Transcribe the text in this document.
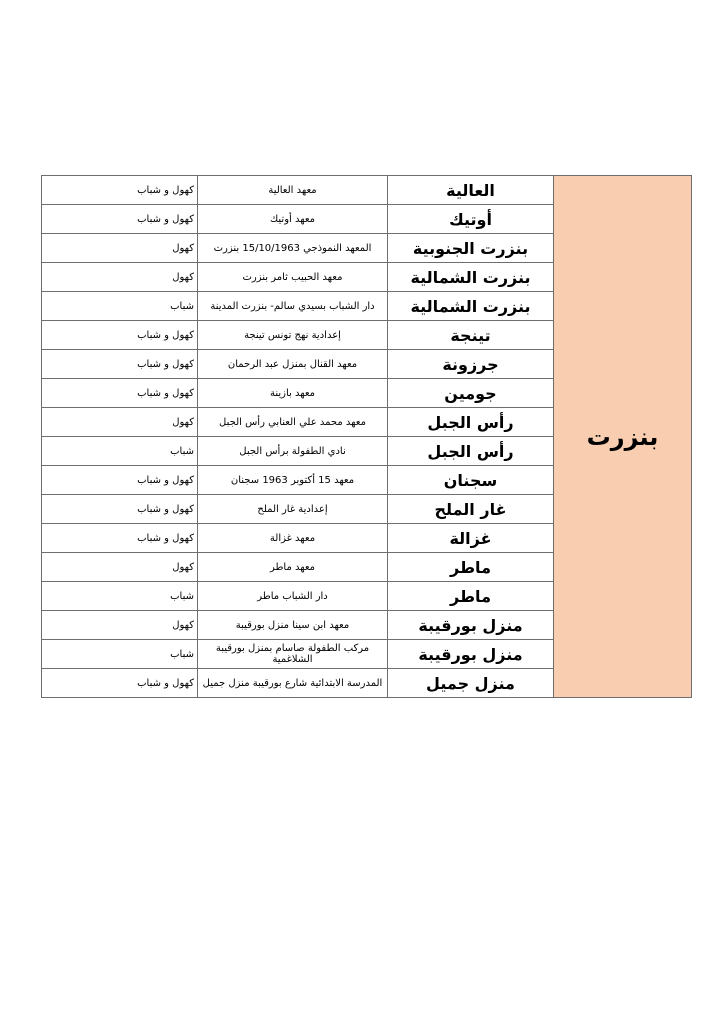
بنزرت	العالية	معهد العالية	كهول و شباب
	أوتيك	معهد أوتيك	كهول و شباب
	بنزرت الجنوبية	المعهد النموذجي 15/10/1963 بنزرت	كهول
	بنزرت الشمالية	معهد الحبيب ثامر بنزرت	كهول
	بنزرت الشمالية	دار الشباب بسيدي سالم- بنزرت المدينة	شباب
	تينجة	إعدادية نهج تونس تينجة	كهول و شباب
	جرزونة	معهد القنال بمنزل عبد الرحمان	كهول و شباب
	جومين	معهد بازينة	كهول و شباب
	رأس الجبل	معهد محمد علي العنابي رأس الجبل	كهول
	رأس الجبل	نادي الطفولة برأس الجبل	شباب
	سجنان	معهد 15 أكتوبر 1963 سجنان	كهول و شباب
	غار الملح	إعدادية غار الملح	كهول و شباب
	غزالة	معهد غزالة	كهول و شباب
	ماطر	معهد ماطر	كهول
	ماطر	دار الشباب ماطر	شباب
	منزل بورقيبة	معهد ابن سينا منزل بورقيبة	كهول
	منزل بورقيبة	مركب الطفولة صاسام بمنزل بورقيبة الشلاغمية	شباب
	منزل جميل	المدرسة الابتدائية شارع بورقيبة منزل جميل	كهول و شباب
